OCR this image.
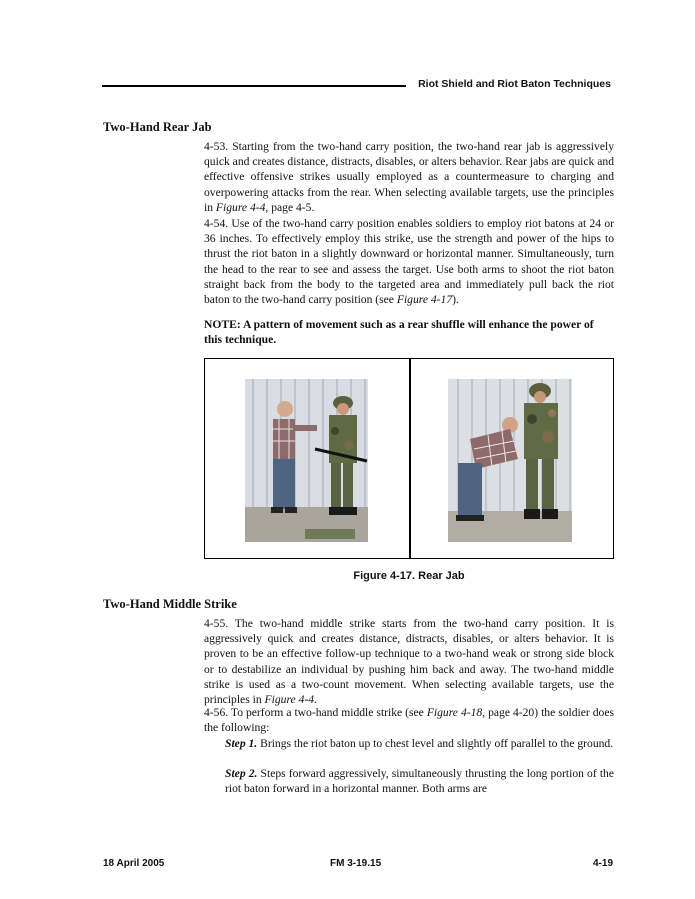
Riot Shield and Riot Baton Techniques
Two-Hand Rear Jab

4-53. Starting from the two-hand carry position, the two-hand rear jab is aggressively quick and creates distance, distracts, disables, or alters behavior. Rear jabs are quick and effective offensive strikes usually employed as a countermeasure to charging and overpowering attacks from the rear. When selecting available targets, use the principles in Figure 4-4, page 4-5.

4-54. Use of the two-hand carry position enables soldiers to employ riot batons at 24 or 36 inches. To effectively employ this strike, use the strength and power of the hips to thrust the riot baton in a slightly downward or horizontal manner. Simultaneously, turn the head to the rear to see and assess the target. Use both arms to shoot the riot baton straight back from the body to the targeted area and immediately pull back the riot baton to the two-hand carry position (see Figure 4-17).

NOTE: A pattern of movement such as a rear shuffle will enhance the power of this technique.

Figure 4-17. Rear Jab
Two-Hand Middle Strike

4-55. The two-hand middle strike starts from the two-hand carry position. It is aggressively quick and creates distance, distracts, disables, or alters behavior. It is proven to be an effective follow-up technique to a two-hand weak or strong side block or to destabilize an individual by pushing him back and away. The two-hand middle strike is used as a two-count movement. When selecting available targets, use the principles in Figure 4-4.

4-56. To perform a two-hand middle strike (see Figure 4-18, page 4-20) the soldier does the following:

Step 1. Brings the riot baton up to chest level and slightly off parallel to the ground.

Step 2. Steps forward aggressively, simultaneously thrusting the long portion of the riot baton forward in a horizontal manner. Both arms are

18 April 2005	FM 3-19.15	4-19
